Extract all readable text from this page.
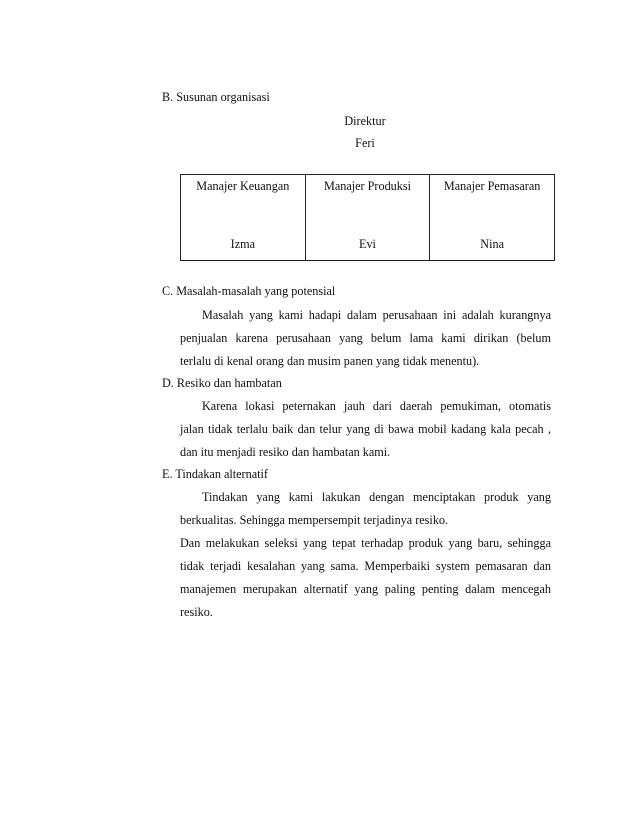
B. Susunan organisasi
Direktur
Feri
Manajer Keuangan
Izma

Manajer Produksi
Evi

Manajer Pemasaran
Nina
C. Masalah-masalah yang potensial
Masalah yang kami hadapi dalam perusahaan ini adalah kurangnya
penjualan karena perusahaan yang belum lama kami dirikan (belum
terlalu di kenal orang dan musim panen yang tidak menentu).
D. Resiko dan hambatan
Karena lokasi peternakan jauh dari daerah pemukiman, otomatis
jalan tidak terlalu baik dan telur yang di bawa mobil kadang kala pecah ,
dan itu menjadi resiko dan hambatan kami.
E. Tindakan alternatif
Tindakan yang kami lakukan dengan menciptakan produk yang
berkualitas. Sehingga mempersempit terjadinya resiko.
Dan melakukan seleksi yang tepat terhadap produk yang baru, sehingga
tidak terjadi kesalahan yang sama. Memperbaiki system pemasaran dan
manajemen merupakan alternatif yang paling penting dalam mencegah
resiko.
